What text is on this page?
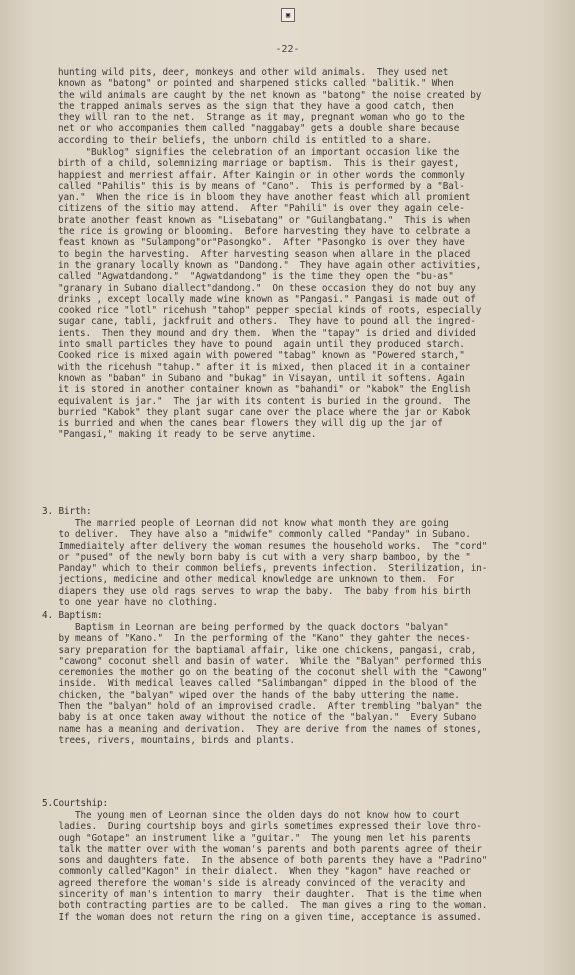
▣
-22-

hunting wild pits, deer, monkeys and other wild animals.  They used net
known as "batong" or pointed and sharpened sticks called "balitik." When
the wild animals are caught by the net known as "batong" the noise created by
the trapped animals serves as the sign that they have a good catch, then
they will ran to the net.  Strange as it may, pregnant woman who go to the
net or who accompanies them called "naggabay" gets a double share because
according to their beliefs, the unborn child is entitled to a share.

"Buklog" signifies the celebration of an important occasion like the
birth of a child, solemnizing marriage or baptism.  This is their gayest,
happiest and merriest affair. After Kaingin or in other words the commonly
called "Pahilis" this is by means of "Cano".  This is performed by a "Bal-
yan."  When the rice is in bloom they have another feast which all promient
citizens of the sitio may attend.  After "Pahili" is over they again cele-
brate another feast known as "Lisebatang" or "Guilangbatang."  This is when
the rice is growing or blooming.  Before harvesting they have to celbrate a
feast known as "Sulampong"or"Pasongko".  After "Pasongko is over they have
to begin the harvesting.  After harvesting season when allare in the placed
in the granary locally known as "Dandong."  They have again other activities,
called "Agwatdandong."  "Agwatdandong" is the time they open the "bu-as"
"granary in Subano diallect"dandong."  On these occasion they do not buy any
drinks , except locally made wine known as "Pangasi." Pangasi is made out of
cooked rice "lotl" ricehush "tahop" pepper special kinds of roots, especially
sugar cane, tabli, jackfruit and others.  They have to pound all the ingred-
ients.  Then they mound and dry them.  When the "tapay" is dried and divided
into small particles they have to pound  again until they produced starch.
Cooked rice is mixed again with powered "tabag" known as "Powered starch,"
with the ricehush "tahup." after it is mixed, then placed it in a container
known as "baban" in Subano and "bukag" in Visayan, until it softens. Again
it is stored in another container known as "bahandi" or "kabok" the English
equivalent is jar."  The jar with its content is buried in the ground.  The
burried "Kabok" they plant sugar cane over the place where the jar or Kabok
is burried and when the canes bear flowers they will dig up the jar of
"Pangasi," making it ready to be serve anytime.

3. Birth:

The married people of Leornan did not know what month they are going
to deliver.  They have also a "midwife" commonly called "Panday" in Subano.
Immediaitely after delivery the woman resumes the household works.  The "cord"
or "pused" of the newly born baby is cut with a very sharp bamboo, by the "
Panday" which to their common beliefs, prevents infection.  Sterilization, in-
jections, medicine and other medical knowledge are unknown to them.  For
diapers they use old rags serves to wrap the baby.  The baby from his birth
to one year have no clothing.

4. Baptism:

Baptism in Leornan are being performed by the quack doctors "balyan"
by means of "Kano."  In the performing of the "Kano" they gahter the neces-
sary preparation for the baptiamal affair, like one chickens, pangasi, crab,
"cawong" coconut shell and basin of water.  While the "Balyan" performed this
ceremonies the mother go on the beating of the coconut shell with the "Cawong"
inside.  With medical leaves called "Salimbangan" dipped in the blood of the
chicken, the "balyan" wiped over the hands of the baby uttering the name.
Then the "balyan" hold of an improvised cradle.  After trembling "balyan" the
baby is at once taken away without the notice of the "balyan."  Every Subano
name has a meaning and derivation.  They are derive from the names of stones,
trees, rivers, mountains, birds and plants.

5.Courtship:

The young men of Leornan since the olden days do not know how to court
ladies.  During courtship boys and girls sometimes expressed their love thro-
ough "Gotape" an instrument like a "guitar."  The young men let his parents
talk the matter over with the woman's parents and both parents agree of their
sons and daughters fate.  In the absence of both parents they have a "Padrino"
commonly called"Kagon" in their dialect.  When they "kagon" have reached or
agreed therefore the woman's side is already convinced of the veracity and
sincerity of man's intention to marry  their daughter.  That is the time when
both contracting parties are to be called.  The man gives a ring to the woman.
If the woman does not return the ring on a given time, acceptance is assumed.
